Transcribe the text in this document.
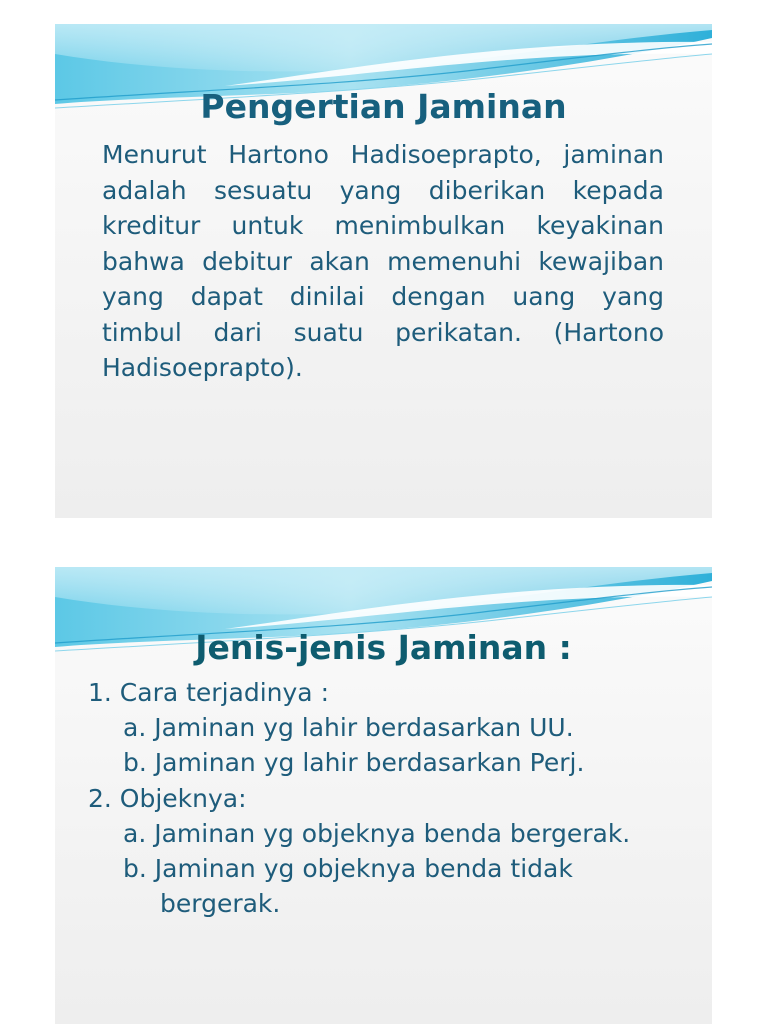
Pengertian Jaminan
Menurut Hartono Hadisoeprapto, jaminan
adalah sesuatu yang diberikan kepada
kreditur untuk menimbulkan keyakinan
bahwa debitur akan memenuhi kewajiban
yang dapat dinilai dengan uang yang
timbul dari suatu perikatan. (Hartono
Hadisoeprapto).
Jenis-jenis Jaminan :
1. Cara terjadinya :
a. Jaminan yg lahir berdasarkan UU.
b. Jaminan yg lahir berdasarkan Perj.
2. Objeknya:
a. Jaminan yg objeknya benda bergerak.
b. Jaminan yg objeknya benda tidak
bergerak.
